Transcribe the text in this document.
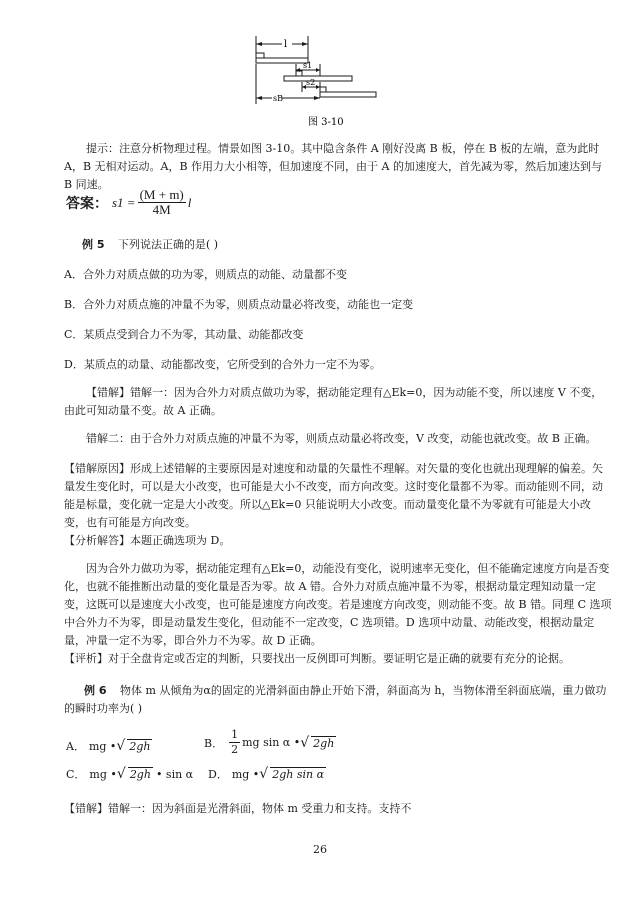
l
s1
s2
sB
图 3-10
提示：注意分析物理过程。情景如图 3-10。其中隐含条件 A 刚好没离 B 板，停在 B 板的左端，意为此时 A，B 无相对运动。A，B 作用力大小相等，但加速度不同，由于 A 的加速度大，首先减为零，然后加速达到与 B 同速。
答案： $s1 = \frac{(M + m)}{4M}$ l
例 5 下列说法正确的是( )
A．合外力对质点做的功为零，则质点的动能、动量都不变
B．合外力对质点施的冲量不为零，则质点动量必将改变，动能也一定变
C．某质点受到合力不为零，其动量、动能都改变
D．某质点的动量、动能都改变，它所受到的合外力一定不为零。
【错解】错解一：因为合外力对质点做功为零，据动能定理有△Ek=0，因为动能不变，所以速度 V 不变，由此可知动量不变。故 A 正确。
错解二：由于合外力对质点施的冲量不为零，则质点动量必将改变，V 改变，动能也就改变。故 B 正确。
【错解原因】形成上述错解的主要原因是对速度和动量的矢量性不理解。对矢量的变化也就出现理解的偏差。矢量发生变化时，可以是大小改变，也可能是大小不改变，而方向改变。这时变化量都不为零。而动能则不同，动能是标量，变化就一定是大小改变。所以△Ek=0 只能说明大小改变。而动量变化量不为零就有可能是大小改变，也有可能是方向改变。
【分析解答】本题正确选项为 D。
因为合外力做功为零，据动能定理有△Ek=0，动能没有变化，说明速率无变化，但不能确定速度方向是否变化，也就不能推断出动量的变化量是否为零。故 A 错。合外力对质点施冲量不为零，根据动量定理知动量一定变，这既可以是速度大小改变，也可能是速度方向改变。若是速度方向改变，则动能不变。故 B 错。同理 C 选项中合外力不为零，即是动量发生变化，但动能不一定改变，C 选项错。D 选项中动量、动能改变，根据动量定量，冲量一定不为零，即合外力不为零。故 D 正确。
【评析】对于全盘肯定或否定的判断，只要找出一反例即可判断。要证明它是正确的就要有充分的论据。
例 6 物体 m 从倾角为α的固定的光滑斜面由静止开始下滑，斜面高为 h，当物体滑至斜面底端，重力做功的瞬时功率为( )
A． mg • √ 2gh	B． $\frac{1}{2}$ mg sin α • √ 2gh
C． mg • √ 2gh • sin α D． mg • √ 2gh sin α
【错解】错解一：因为斜面是光滑斜面，物体 m 受重力和支持。支持不
26
